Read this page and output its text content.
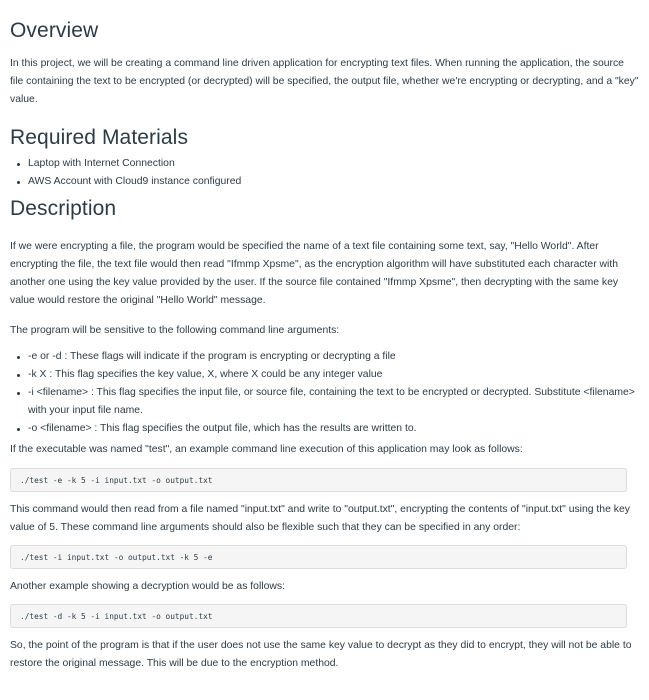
Overview

In this project, we will be creating a command line driven application for encrypting text files. When running the application, the source file containing the text to be encrypted (or decrypted) will be specified, the output file, whether we're encrypting or decrypting, and a "key" value.

Required Materials
Laptop with Internet Connection
AWS Account with Cloud9 instance configured
Description

If we were encrypting a file, the program would be specified the name of a text file containing some text, say, "Hello World". After encrypting the file, the text file would then read "Ifmmp Xpsme", as the encryption algorithm will have substituted each character with another one using the key value provided by the user. If the source file contained "Ifmmp Xpsme", then decrypting with the same key value would restore the original "Hello World" message.

The program will be sensitive to the following command line arguments:

-e or -d : These flags will indicate if the program is encrypting or decrypting a file
-k X : This flag specifies the key value, X, where X could be any integer value
-i <filename> : This flag specifies the input file, or source file, containing the text to be encrypted or decrypted. Substitute <filename> with your input file name.
-o <filename> : This flag specifies the output file, which has the results are written to.

If the executable was named "test", an example command line execution of this application may look as follows:

./test -e -k 5 -i input.txt -o output.txt

This command would then read from a file named "input.txt" and write to "output.txt", encrypting the contents of "input.txt" using the key value of 5. These command line arguments should also be flexible such that they can be specified in any order:

./test -i input.txt -o output.txt -k 5 -e

Another example showing a decryption would be as follows:

./test -d -k 5 -i input.txt -o output.txt

So, the point of the program is that if the user does not use the same key value to decrypt as they did to encrypt, they will not be able to restore the original message. This will be due to the encryption method.
